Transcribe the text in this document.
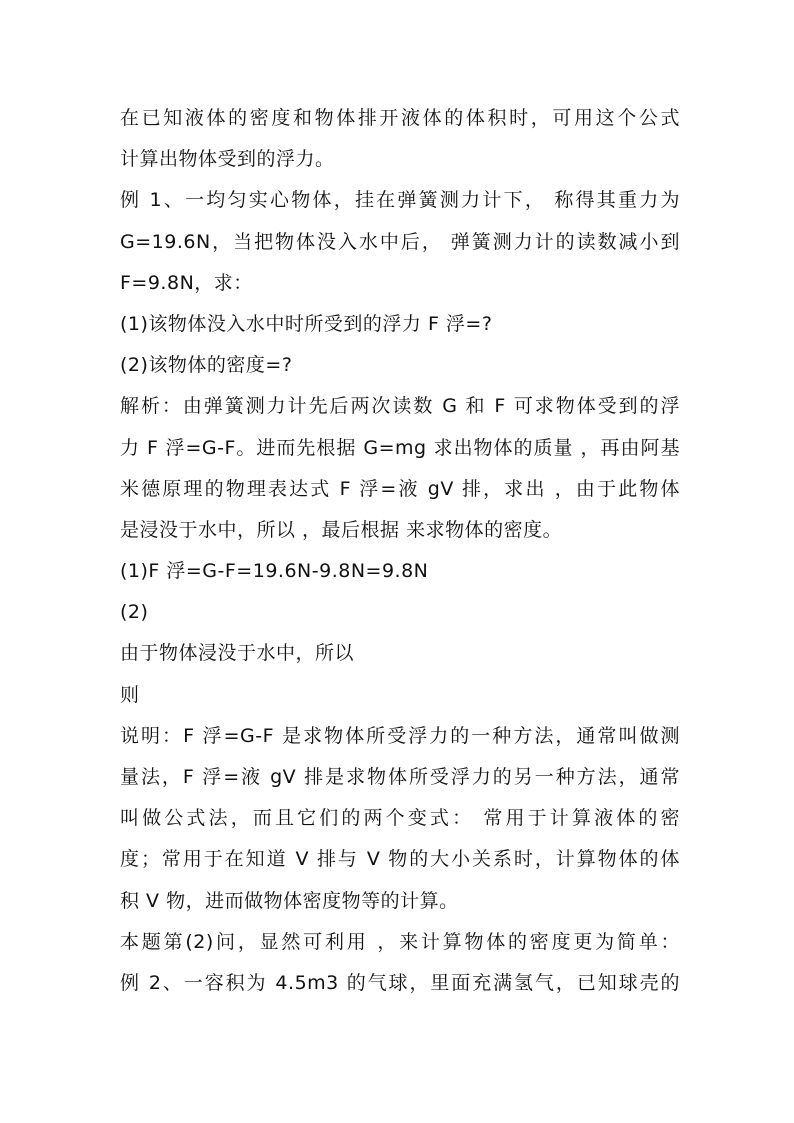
在已知液体的密度和物体排开液体的体积时，可用这个公式
计算出物体受到的浮力。
例 1、一均匀实心物体，挂在弹簧测力计下， 称得其重力为
G=19.6N，当把物体没入水中后， 弹簧测力计的读数减小到
F=9.8N，求：
(1)该物体没入水中时所受到的浮力 F 浮=?
(2)该物体的密度=?
解析：由弹簧测力计先后两次读数 G 和 F 可求物体受到的浮
力 F 浮=G-F。进而先根据 G=mg 求出物体的质量 ，再由阿基
米德原理的物理表达式 F 浮=液 gV 排，求出 ，由于此物体
是浸没于水中，所以 ，最后根据 来求物体的密度。
(1)F 浮=G-F=19.6N-9.8N=9.8N
(2)
由于物体浸没于水中，所以
则
说明：F 浮=G-F 是求物体所受浮力的一种方法，通常叫做测
量法，F 浮=液 gV 排是求物体所受浮力的另一种方法，通常
叫做公式法，而且它们的两个变式： 常用于计算液体的密
度；常用于在知道 V 排与 V 物的大小关系时，计算物体的体
积 V 物，进而做物体密度物等的计算。
本题第(2)问，显然可利用 ，来计算物体的密度更为简单：
例 2、一容积为 4.5m3 的气球，里面充满氢气，已知球壳的
